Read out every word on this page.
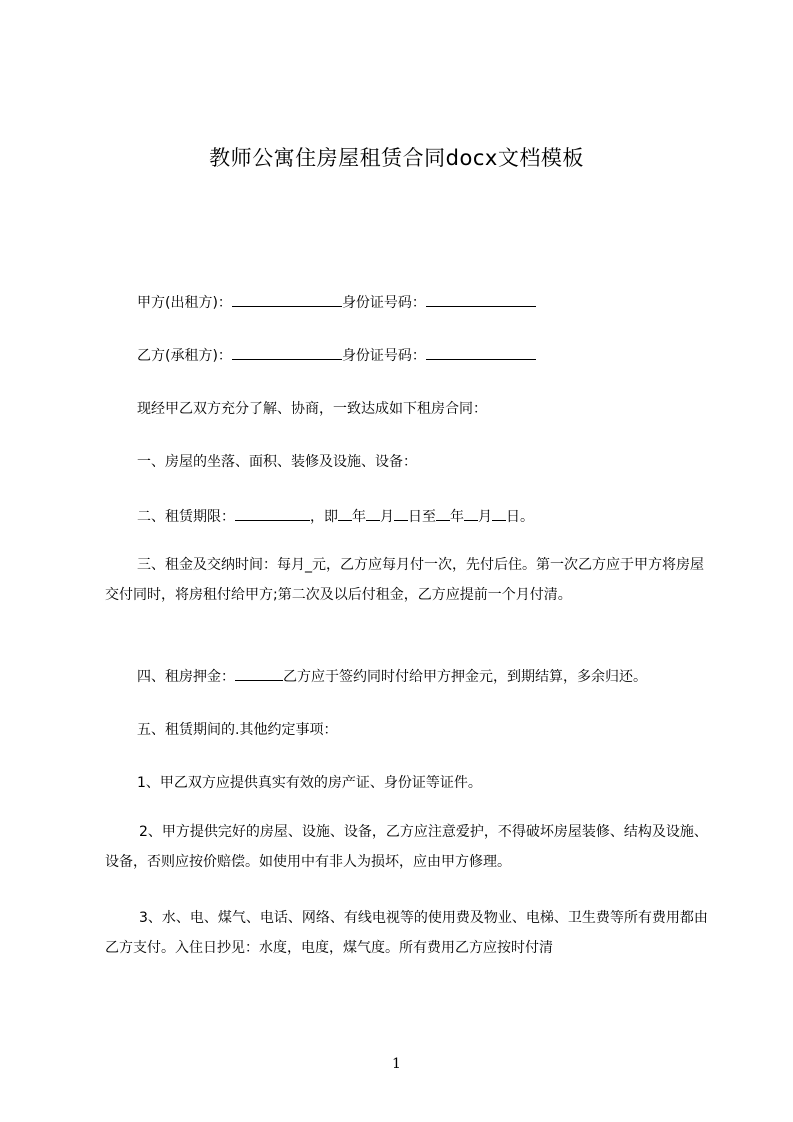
教师公寓住房屋租赁合同docx文档模板
甲方(出租方)：	身份证号码：
乙方(承租方)：	身份证号码：
现经甲乙双方充分了解、协商，一致达成如下租房合同：
一、房屋的坐落、面积、装修及设施、设备：
二、租赁期限：	，即 年 月 日至 年 月 日。
三、租金及交纳时间：每月_元，乙方应每月付一次，先付后住。第一次乙方应于甲方将房屋交付同时，将房租付给甲方;第二次及以后付租金，乙方应提前一个月付清。
四、租房押金：	乙方应于签约同时付给甲方押金元，到期结算，多余归还。
五、租赁期间的.其他约定事项：
1、甲乙双方应提供真实有效的房产证、身份证等证件。
2、甲方提供完好的房屋、设施、设备，乙方应注意爱护，不得破坏房屋装修、结构及设施、设备，否则应按价赔偿。如使用中有非人为损坏，应由甲方修理。
3、水、电、煤气、电话、网络、有线电视等的使用费及物业、电梯、卫生费等所有费用都由乙方支付。入住日抄见：水度，电度，煤气度。所有费用乙方应按时付清
1
